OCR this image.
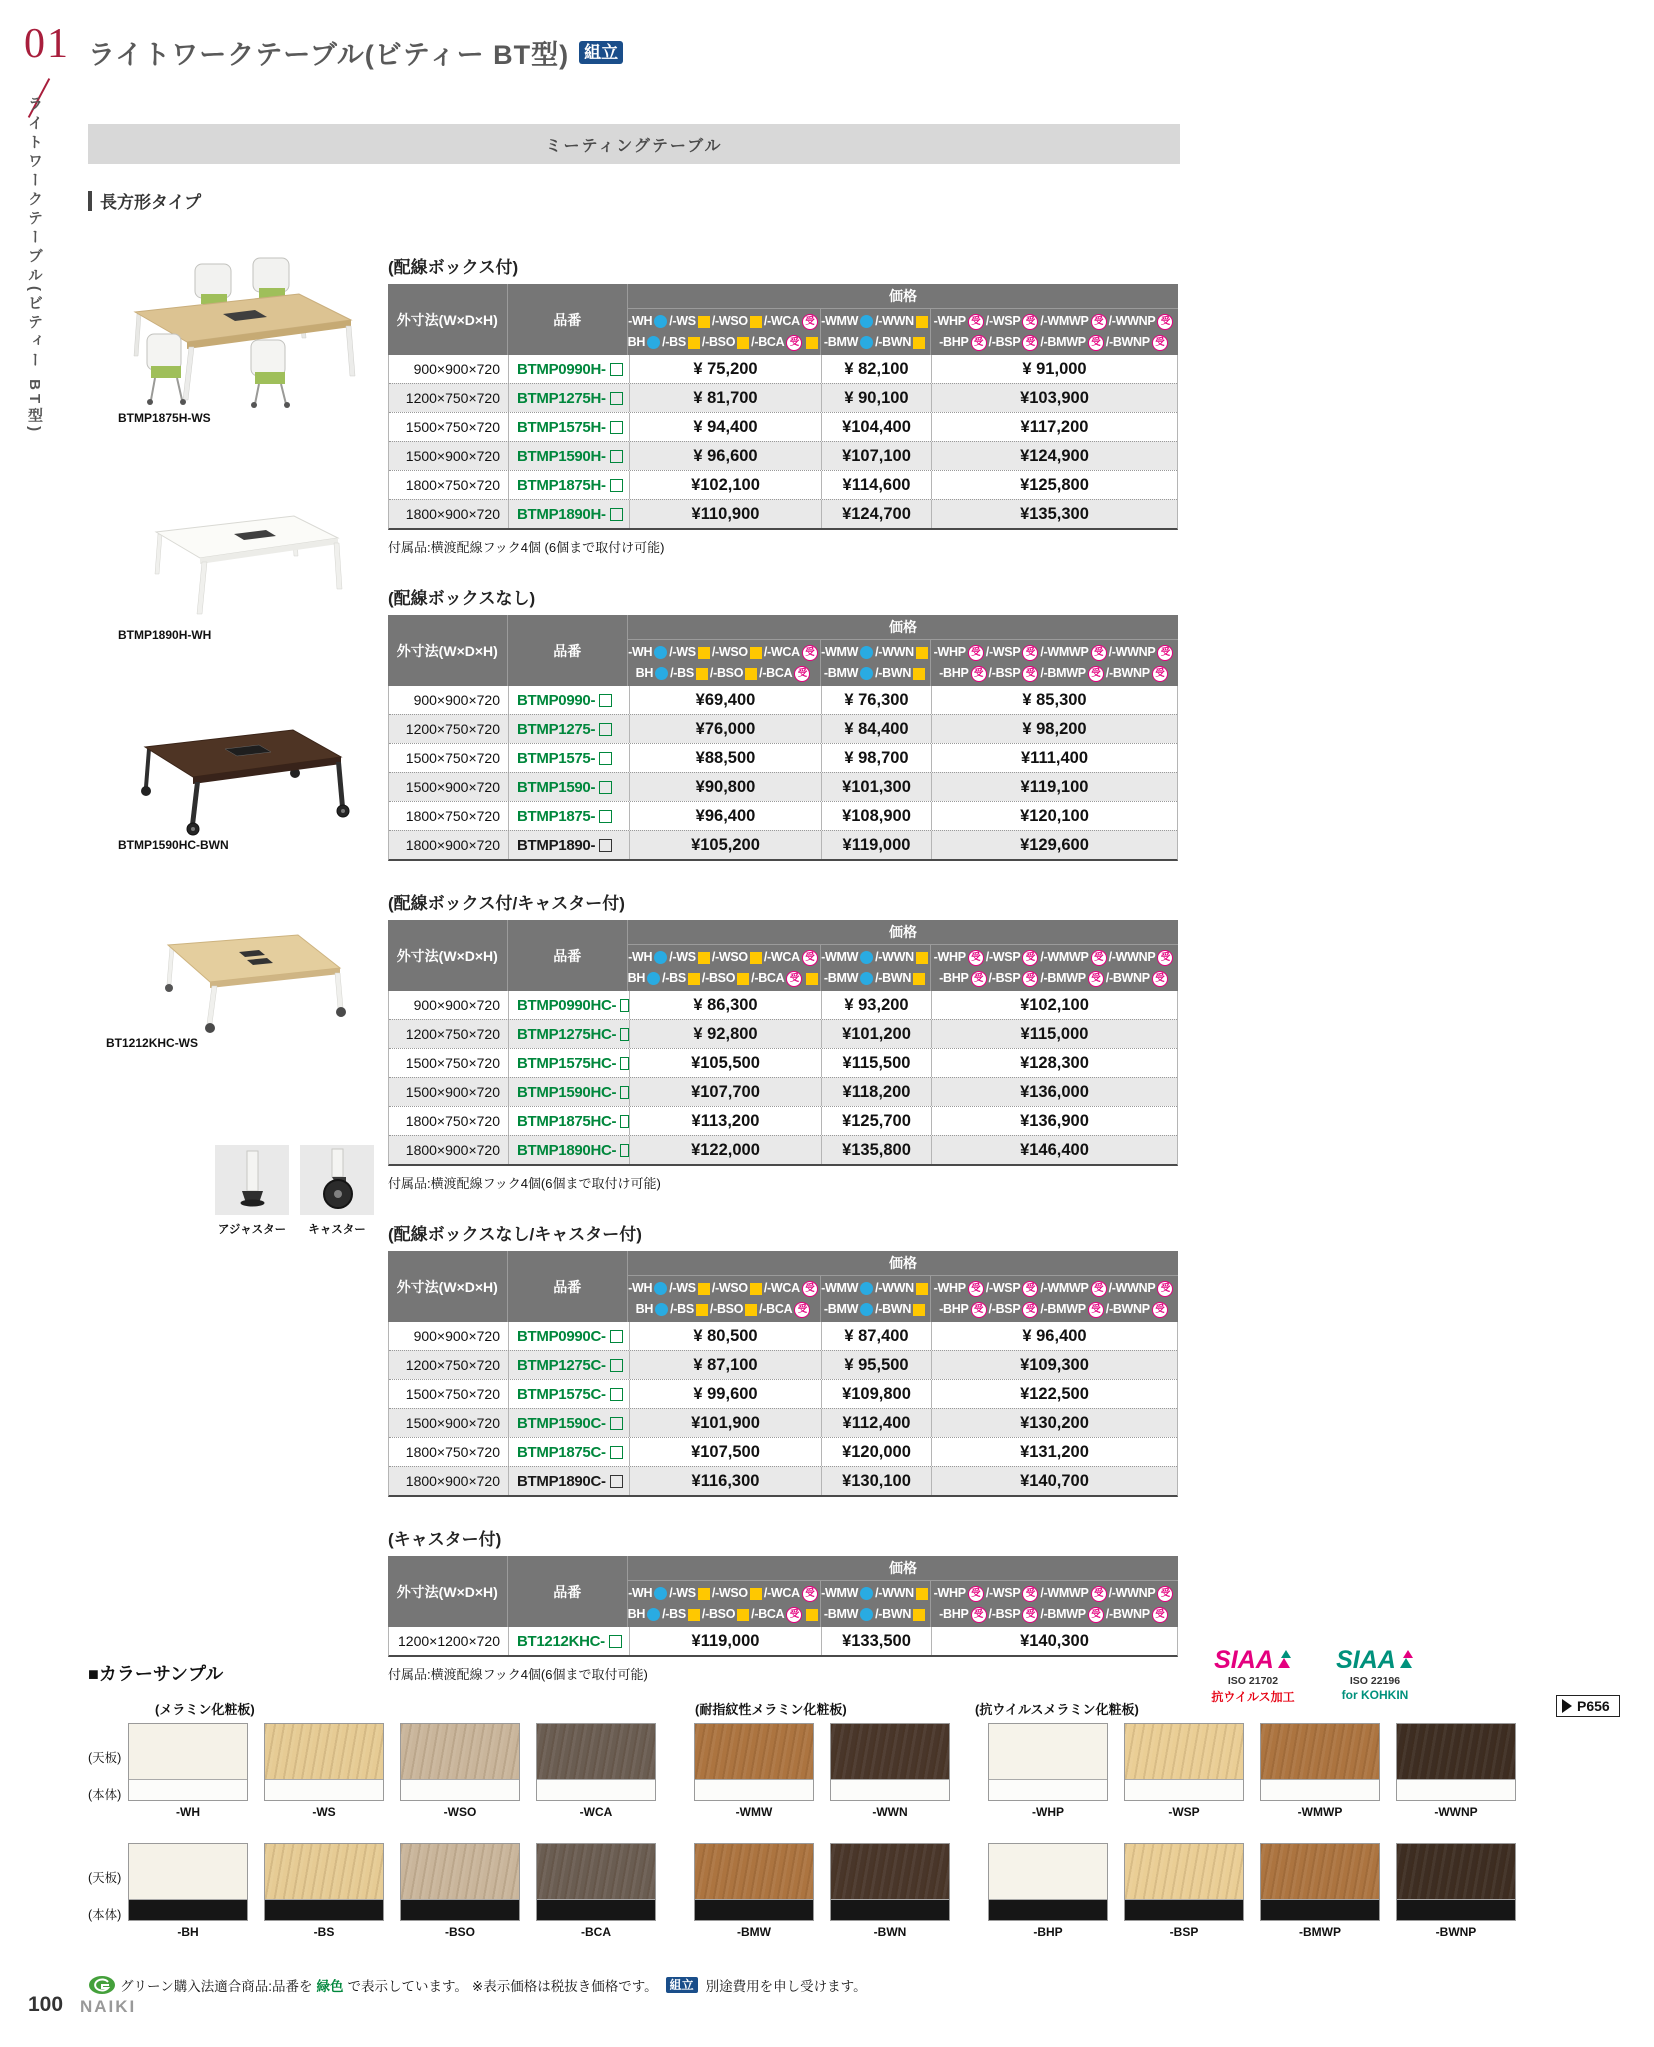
01
ライトワークテーブル(ビティー BT型)
ライトワークテーブル(ビティー BT型) 組立
ミーティングテーブル
長方形タイプ
BTMP1875H-WS
BTMP1890H-WH
BTMP1590HC-BWN
BT1212KHC-WS
アジャスター	キャスター
(配線ボックス付)
外寸法(W×D×H)	品番
価格
-WH /-WS /-WSO /-WCA 受
BH /-BS /-BSO /-BCA 受
-WMW /-WWN
-BMW /-BWN
-WHP 受 /-WSP 受 /-WMWP 受 /-WWNP 受
-BHP 受 /-BSP 受 /-BMWP 受 /-BWNP 受
900×900×720	BTMP0990H-	¥ 75,200	¥ 82,100	¥ 91,000
1200×750×720	BTMP1275H-	¥ 81,700	¥ 90,100	¥103,900
1500×750×720	BTMP1575H-	¥ 94,400	¥104,400	¥117,200
1500×900×720	BTMP1590H-	¥ 96,600	¥107,100	¥124,900
1800×750×720	BTMP1875H-	¥102,100	¥114,600	¥125,800
1800×900×720	BTMP1890H-	¥110,900	¥124,700	¥135,300
付属品:横渡配線フック4個 (6個まで取付け可能)
(配線ボックスなし)
外寸法(W×D×H)	品番
価格
-WH /-WS /-WSO /-WCA 受
BH /-BS /-BSO /-BCA 受
-WMW /-WWN
-BMW /-BWN
-WHP 受 /-WSP 受 /-WMWP 受 /-WWNP 受
-BHP 受 /-BSP 受 /-BMWP 受 /-BWNP 受
900×900×720	BTMP0990-	¥69,400	¥ 76,300	¥ 85,300
1200×750×720	BTMP1275-	¥76,000	¥ 84,400	¥ 98,200
1500×750×720	BTMP1575-	¥88,500	¥ 98,700	¥111,400
1500×900×720	BTMP1590-	¥90,800	¥101,300	¥119,100
1800×750×720	BTMP1875-	¥96,400	¥108,900	¥120,100
1800×900×720	BTMP1890-	¥105,200	¥119,000	¥129,600
(配線ボックス付/キャスター付)
外寸法(W×D×H)	品番
価格
-WH /-WS /-WSO /-WCA 受
BH /-BS /-BSO /-BCA 受
-WMW /-WWN
-BMW /-BWN
-WHP 受 /-WSP 受 /-WMWP 受 /-WWNP 受
-BHP 受 /-BSP 受 /-BMWP 受 /-BWNP 受
900×900×720	BTMP0990HC-	¥ 86,300	¥ 93,200	¥102,100
1200×750×720	BTMP1275HC-	¥ 92,800	¥101,200	¥115,000
1500×750×720	BTMP1575HC-	¥105,500	¥115,500	¥128,300
1500×900×720	BTMP1590HC-	¥107,700	¥118,200	¥136,000
1800×750×720	BTMP1875HC-	¥113,200	¥125,700	¥136,900
1800×900×720	BTMP1890HC-	¥122,000	¥135,800	¥146,400
付属品:横渡配線フック4個(6個まで取付け可能)
(配線ボックスなし/キャスター付)
外寸法(W×D×H)	品番
価格
-WH /-WS /-WSO /-WCA 受
BH /-BS /-BSO /-BCA 受
-WMW /-WWN
-BMW /-BWN
-WHP 受 /-WSP 受 /-WMWP 受 /-WWNP 受
-BHP 受 /-BSP 受 /-BMWP 受 /-BWNP 受
900×900×720	BTMP0990C-	¥ 80,500	¥ 87,400	¥ 96,400
1200×750×720	BTMP1275C-	¥ 87,100	¥ 95,500	¥109,300
1500×750×720	BTMP1575C-	¥ 99,600	¥109,800	¥122,500
1500×900×720	BTMP1590C-	¥101,900	¥112,400	¥130,200
1800×750×720	BTMP1875C-	¥107,500	¥120,000	¥131,200
1800×900×720	BTMP1890C-	¥116,300	¥130,100	¥140,700
(キャスター付)
外寸法(W×D×H)	品番
価格
-WH /-WS /-WSO /-WCA 受
BH /-BS /-BSO /-BCA 受
-WMW /-WWN
-BMW /-BWN
-WHP 受 /-WSP 受 /-WMWP 受 /-WWNP 受
-BHP 受 /-BSP 受 /-BMWP 受 /-BWNP 受
1200×1200×720	BT1212KHC-	¥119,000	¥133,500	¥140,300
付属品:横渡配線フック4個(6個まで取付可能)
■カラーサンプル
(メラミン化粧板)	(耐指紋性メラミン化粧板)	(抗ウイルスメラミン化粧板)
(天板)
(本体)
(天板)
(本体)
-WH	-WS	-WSO	-WCA	-WMW	-WWN	-WHP	-WSP	-WMWP	-WWNP
-BH	-BS	-BSO	-BCA	-BMW	-BWN	-BHP	-BSP	-BMWP	-BWNP
SIAA
ISO 21702
抗ウイルス加工
SIAA
ISO 22196
for KOHKIN
P656
グリーン購入法適合商品:品番を 緑色 で表示しています。 ※表示価格は税抜き価格です。	組立 別途費用を申し受けます。
100 NAIKI
